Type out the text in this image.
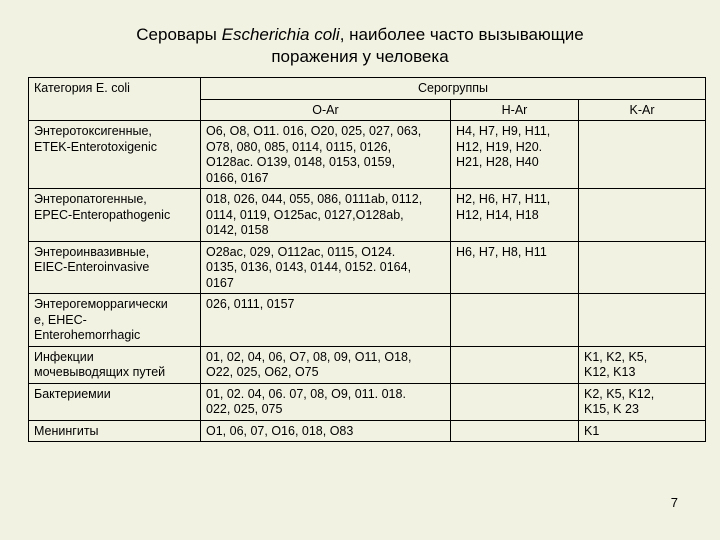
Серовары Escherichia coli, наиболее часто вызывающие
поражения у человека
Категория E. coli	Серогруппы		
	O-Ar	H-Ar	K-Ar
Энтеротоксигенные,
ETEK-Enterotoxigenic	O6, O8, O11. 016, O20, 025, 027, 063,
O78, 080, 085, 0114, 0115, 0126,
O128ac. O139, 0148, 0153, 0159,
0166, 0167	H4, H7, H9, H11,
H12, H19, H20.
H21, H28, H40	
Энтеропатогенные,
EPEC-Enteropathogenic	018, 026, 044, 055, 086, 0111ab, 0112,
0114, 0119, O125ac, 0127,O128ab,
0142, 0158	H2, H6, H7, H11,
H12, H14, H18	
Энтероинвазивные,
EIEC-Enteroinvasive	O28ac, 029, O112ac, 0115, O124.
0135, 0136, 0143, 0144, 0152. 0164,
0167	H6, H7, H8, H11	
Энтерогеморрагически
e, EHEC-
Enterohemorrhagic	026, 0111, 0157		
Инфекции
мочевыводящих путей	01, 02, 04, 06, O7, 08, 09, O11, O18,
O22, 025, O62, O75		K1, K2, K5,
K12, K13
Бактериемии	01, 02. 04, 06. 07, 08, O9, 011. 018.
022, 025, 075		K2, K5, K12,
K15, K 23
Менингиты	O1, 06, 07, O16, 018, O83		K1
7
